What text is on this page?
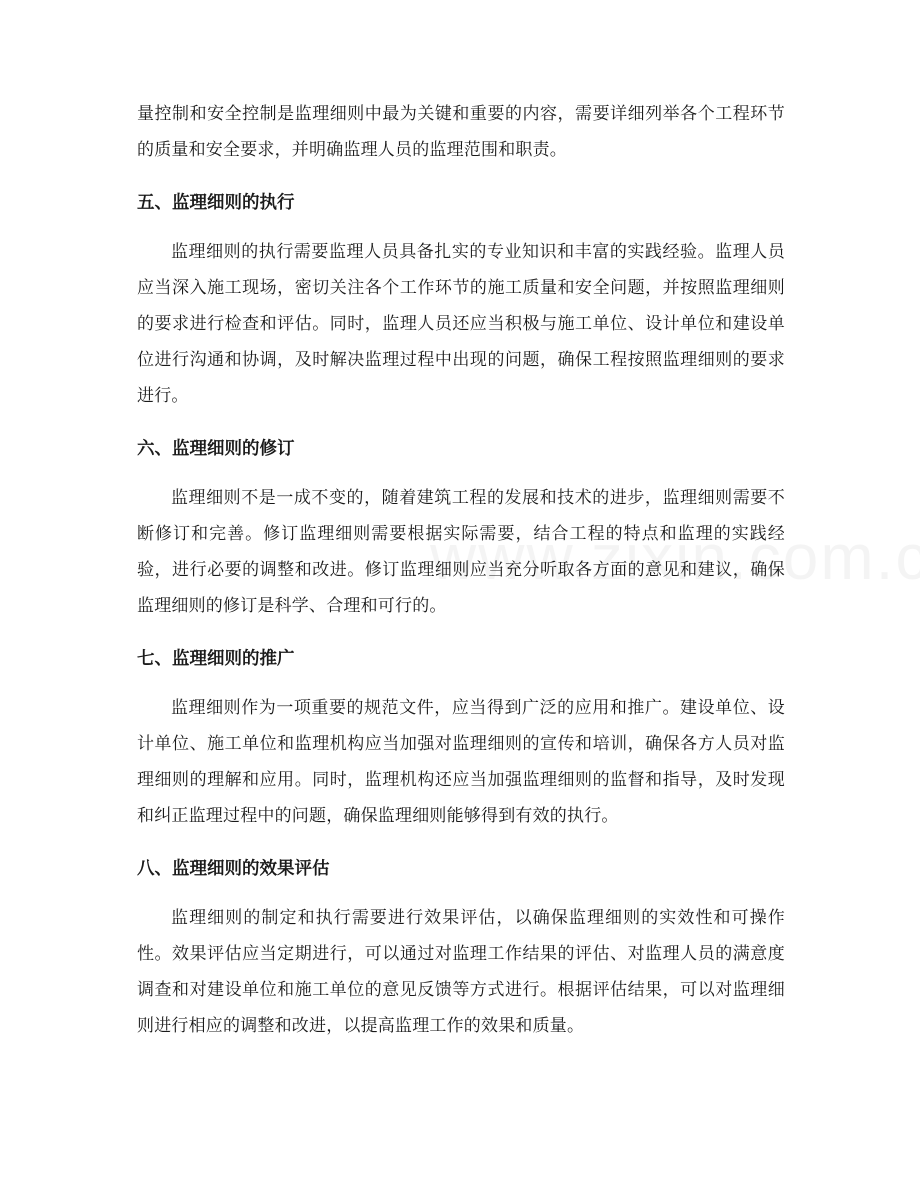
量控制和安全控制是监理细则中最为关键和重要的内容，需要详细列举各个工程环节的质量和安全要求，并明确监理人员的监理范围和职责。

五、监理细则的执行

监理细则的执行需要监理人员具备扎实的专业知识和丰富的实践经验。监理人员应当深入施工现场，密切关注各个工作环节的施工质量和安全问题，并按照监理细则的要求进行检查和评估。同时，监理人员还应当积极与施工单位、设计单位和建设单位进行沟通和协调，及时解决监理过程中出现的问题，确保工程按照监理细则的要求进行。

六、监理细则的修订

监理细则不是一成不变的，随着建筑工程的发展和技术的进步，监理细则需要不断修订和完善。修订监理细则需要根据实际需要，结合工程的特点和监理的实践经验，进行必要的调整和改进。修订监理细则应当充分听取各方面的意见和建议，确保监理细则的修订是科学、合理和可行的。

七、监理细则的推广

监理细则作为一项重要的规范文件，应当得到广泛的应用和推广。建设单位、设计单位、施工单位和监理机构应当加强对监理细则的宣传和培训，确保各方人员对监理细则的理解和应用。同时，监理机构还应当加强监理细则的监督和指导，及时发现和纠正监理过程中的问题，确保监理细则能够得到有效的执行。

八、监理细则的效果评估

监理细则的制定和执行需要进行效果评估，以确保监理细则的实效性和可操作性。效果评估应当定期进行，可以通过对监理工作结果的评估、对监理人员的满意度调查和对建设单位和施工单位的意见反馈等方式进行。根据评估结果，可以对监理细则进行相应的调整和改进，以提高监理工作的效果和质量。
